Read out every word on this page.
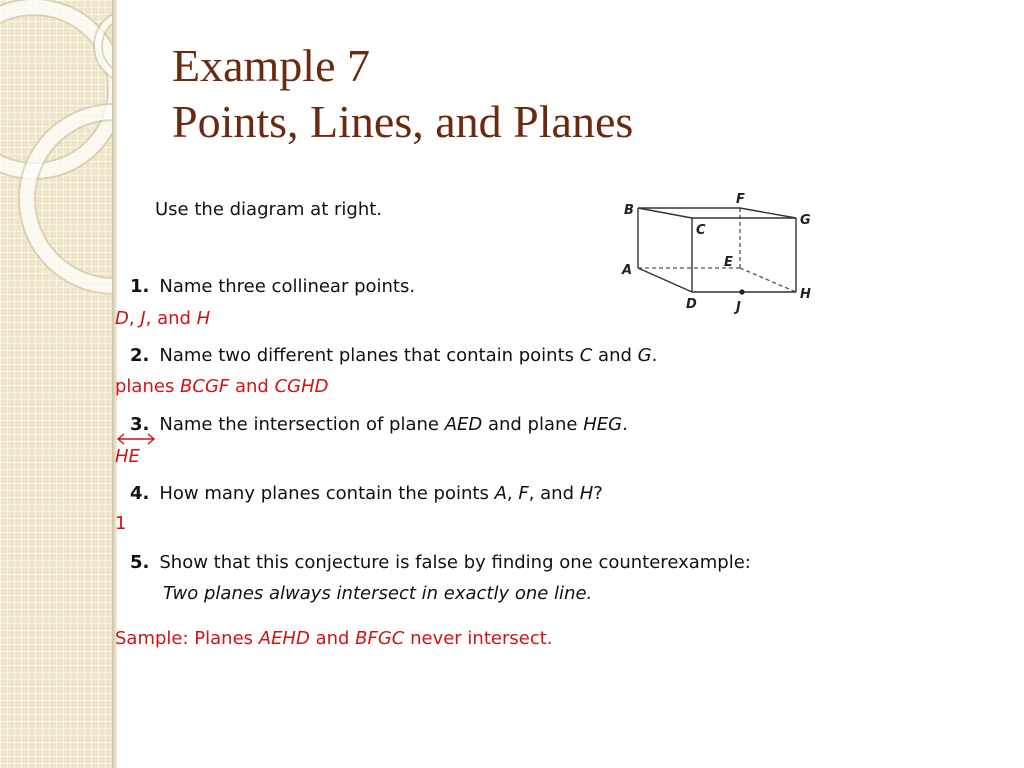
Example 7
Points, Lines, and Planes
Use the diagram at right.	B
F
G
C
E
A
D	J
H
1. Name three collinear points.
D, J, and H
2. Name two different planes that contain points C and G.
planes BCGF and CGHD
3. Name the intersection of plane AED and plane HEG.
HE
4. How many planes contain the points A, F, and H?
1
5. Show that this conjecture is false by finding one counterexample:
Two planes always intersect in exactly one line.
Sample: Planes AEHD and BFGC never intersect.
